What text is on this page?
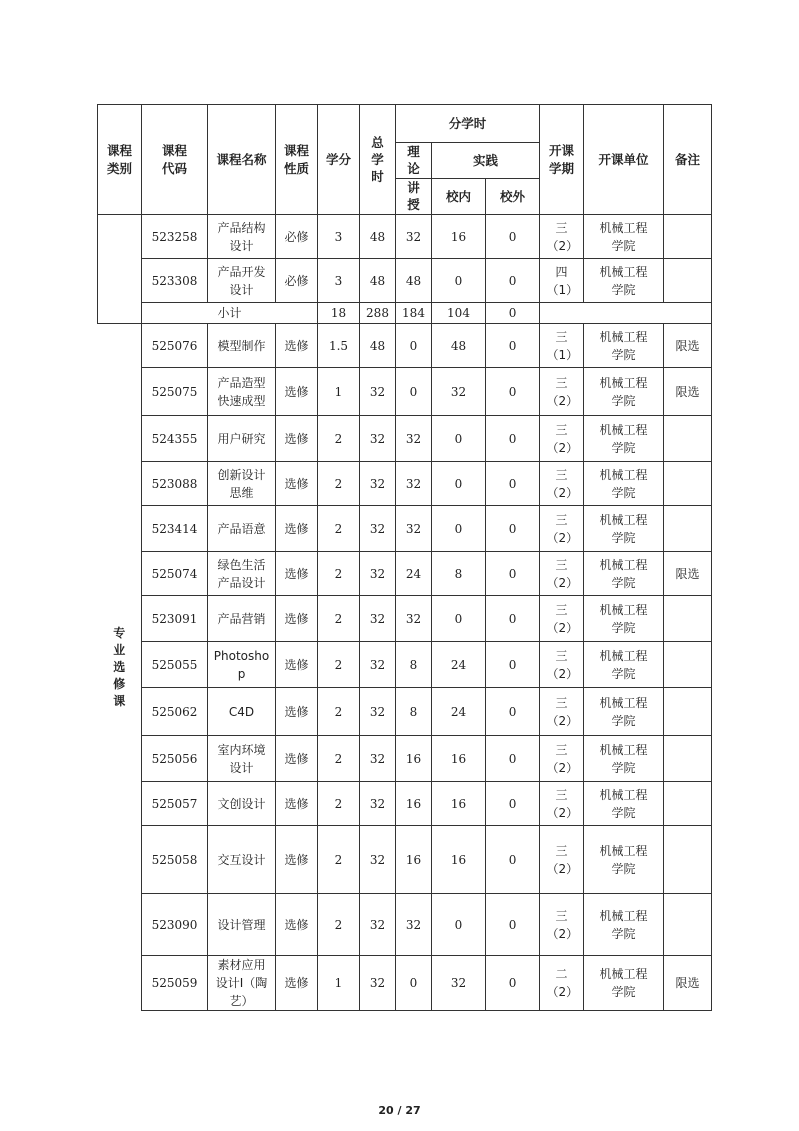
课程类别	课程代码	课程名称	课程性质	学分	总学时	分学时			开课学期	开课单位	备注
						理论	实践				
						讲授	校内	校外			
	523258	产品结构设计	必修	3	48	32	16	0	三（2）	机械工程学院	
	523308	产品开发设计	必修	3	48	48	0	0	四（1）	机械工程学院	
	小计			18	288	184	104	0			
专业选修课	525076	模型制作	选修	1.5	48	0	48	0	三（1）	机械工程学院	限选
	525075	产品造型快速成型	选修	1	32	0	32	0	三（2）	机械工程学院	限选
	524355	用户研究	选修	2	32	32	0	0	三（2）	机械工程学院	
	523088	创新设计思维	选修	2	32	32	0	0	三（2）	机械工程学院	
	523414	产品语意	选修	2	32	32	0	0	三（2）	机械工程学院	
	525074	绿色生活产品设计	选修	2	32	24	8	0	三（2）	机械工程学院	限选
	523091	产品营销	选修	2	32	32	0	0	三（2）	机械工程学院	
	525055	Photoshop	选修	2	32	8	24	0	三（2）	机械工程学院	
	525062	C4D	选修	2	32	8	24	0	三（2）	机械工程学院	
	525056	室内环境设计	选修	2	32	16	16	0	三（2）	机械工程学院	
	525057	文创设计	选修	2	32	16	16	0	三（2）	机械工程学院	
	525058	交互设计	选修	2	32	16	16	0	三（2）	机械工程学院	
	523090	设计管理	选修	2	32	32	0	0	三（2）	机械工程学院	
	525059	素材应用设计Ⅰ（陶艺）	选修	1	32	0	32	0	二（2）	机械工程学院	限选
20 / 27
